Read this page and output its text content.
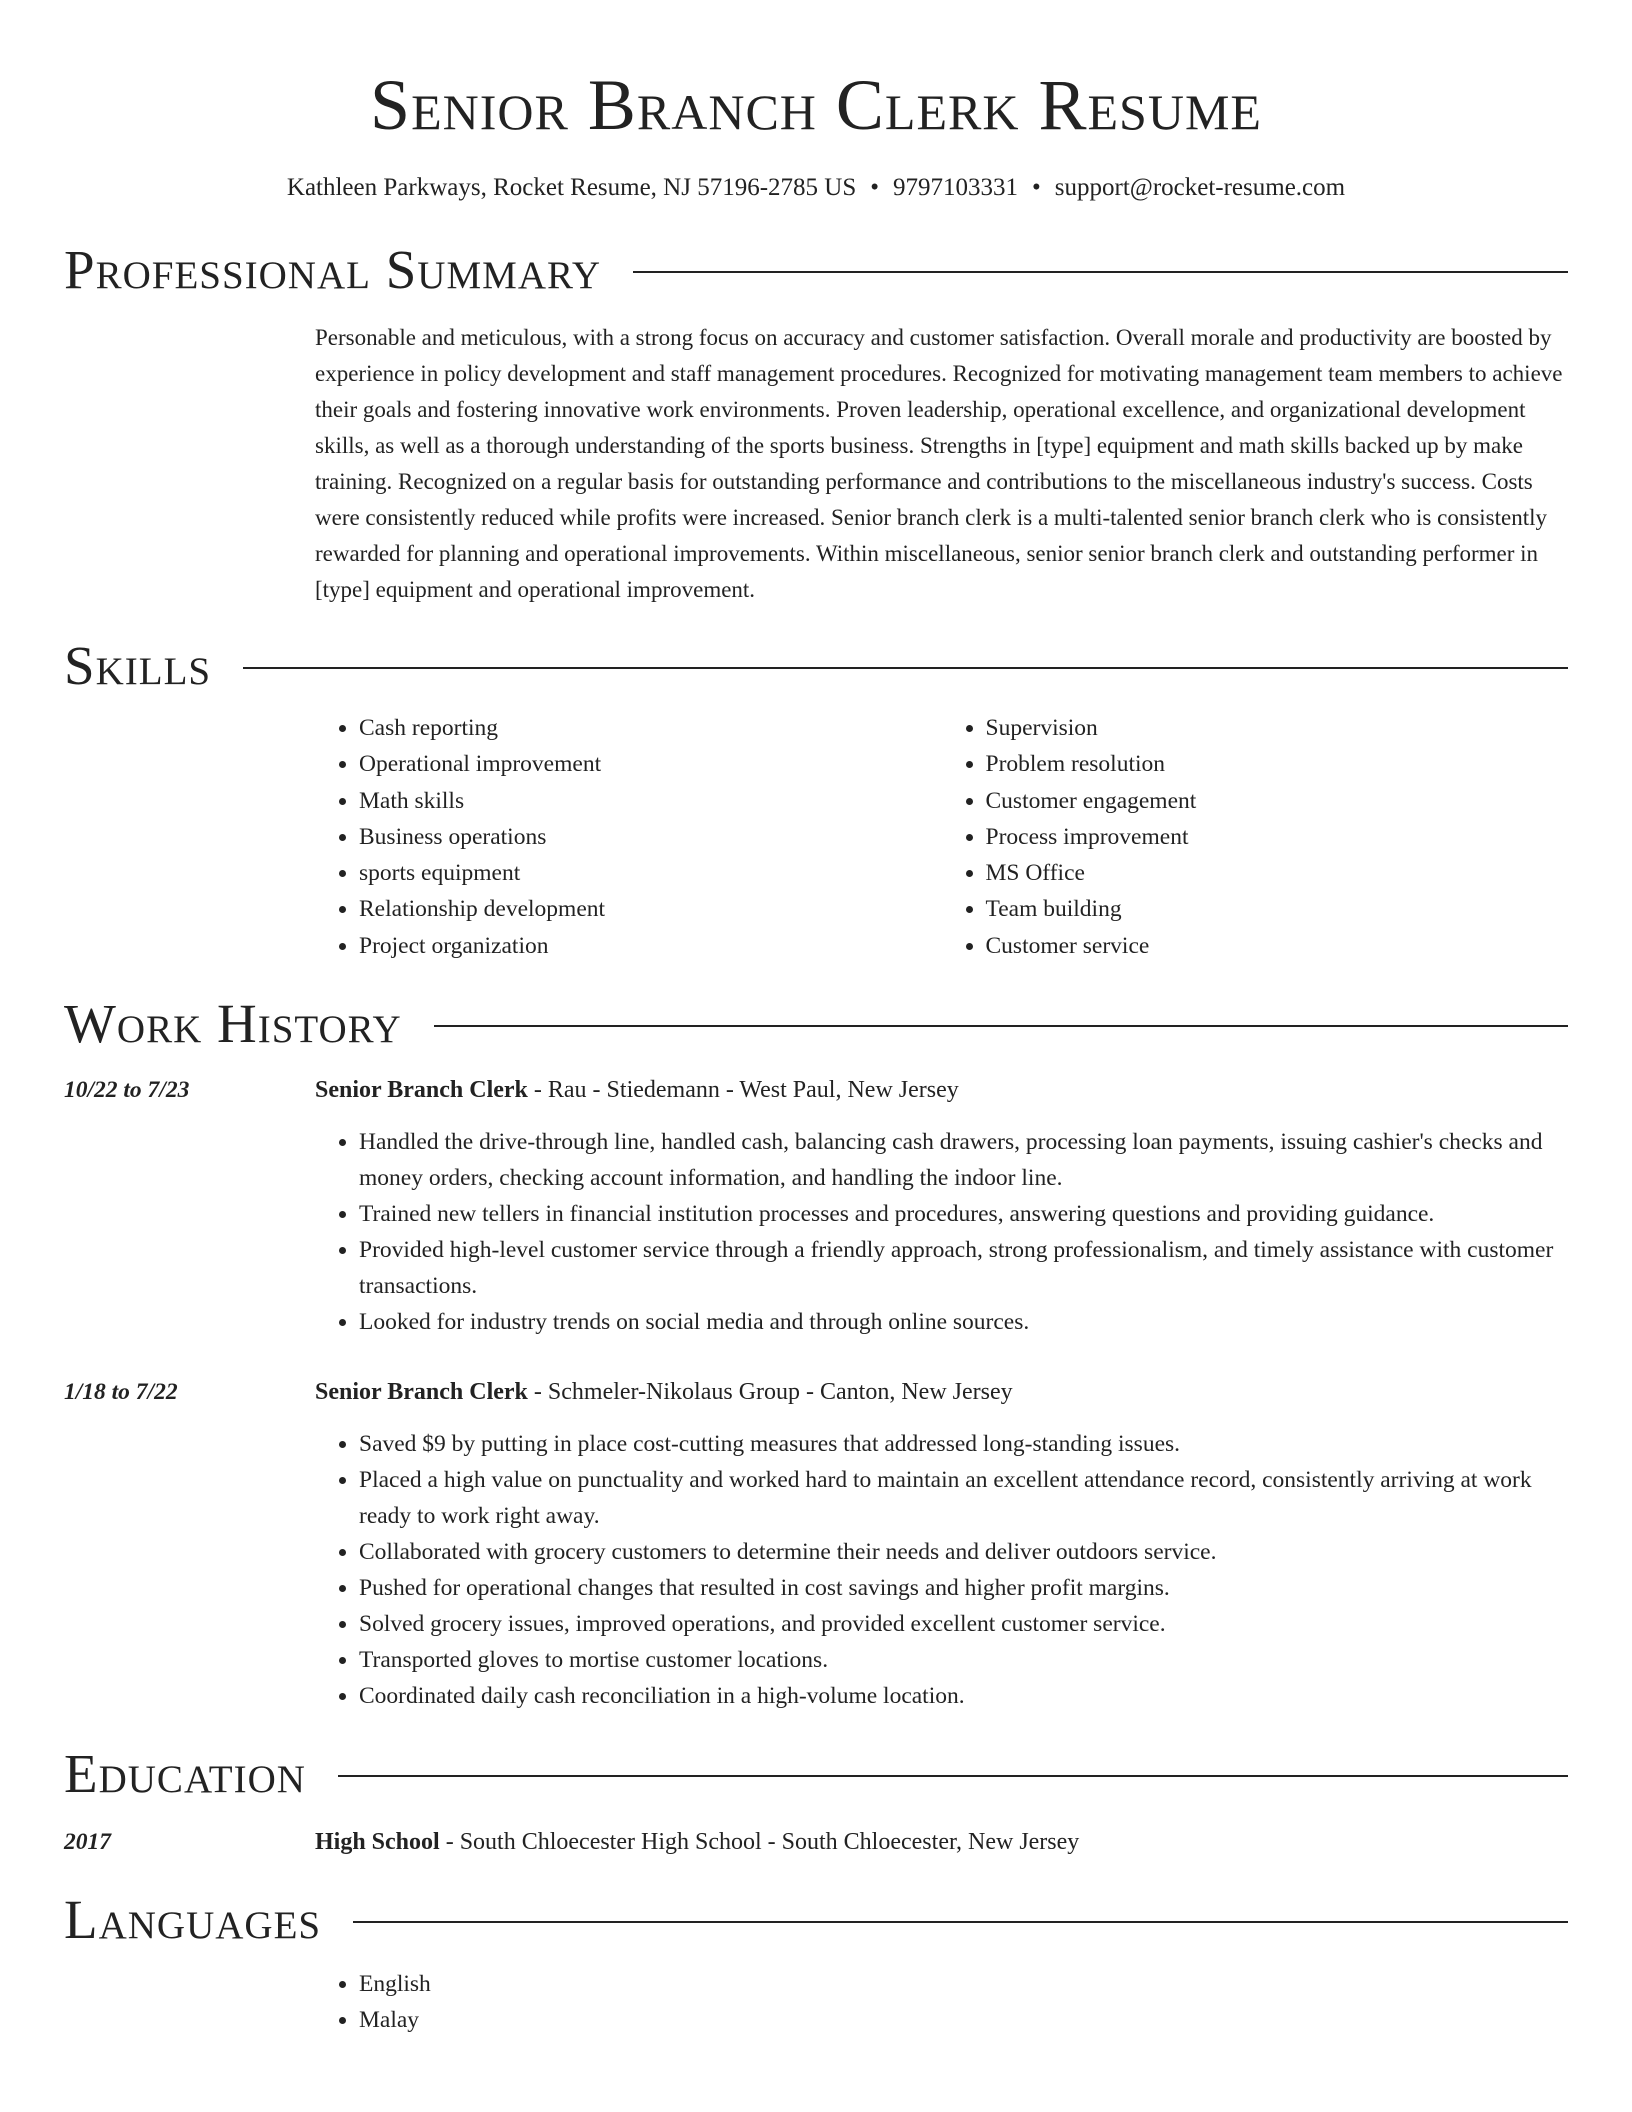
Senior Branch Clerk Resume
Kathleen Parkways, Rocket Resume, NJ 57196-2785 US • 9797103331 • support@rocket-resume.com
Professional Summary
Personable and meticulous, with a strong focus on accuracy and customer satisfaction. Overall morale and productivity are boosted by experience in policy development and staff management procedures. Recognized for motivating management team members to achieve their goals and fostering innovative work environments. Proven leadership, operational excellence, and organizational development skills, as well as a thorough understanding of the sports business. Strengths in [type] equipment and math skills backed up by make training. Recognized on a regular basis for outstanding performance and contributions to the miscellaneous industry's success. Costs were consistently reduced while profits were increased. Senior branch clerk is a multi-talented senior branch clerk who is consistently rewarded for planning and operational improvements. Within miscellaneous, senior senior branch clerk and outstanding performer in [type] equipment and operational improvement.
Skills
• Cash reporting
• Operational improvement
• Math skills
• Business operations
• sports equipment
• Relationship development
• Project organization
• Supervision
• Problem resolution
• Customer engagement
• Process improvement
• MS Office
• Team building
• Customer service
Work History
10/22 to 7/23	Senior Branch Clerk - Rau - Stiedemann - West Paul, New Jersey
• Handled the drive-through line, handled cash, balancing cash drawers, processing loan payments, issuing cashier's checks and money orders, checking account information, and handling the indoor line.
• Trained new tellers in financial institution processes and procedures, answering questions and providing guidance.
• Provided high-level customer service through a friendly approach, strong professionalism, and timely assistance with customer transactions.
• Looked for industry trends on social media and through online sources.
1/18 to 7/22	Senior Branch Clerk - Schmeler-Nikolaus Group - Canton, New Jersey
• Saved $9 by putting in place cost-cutting measures that addressed long-standing issues.
• Placed a high value on punctuality and worked hard to maintain an excellent attendance record, consistently arriving at work ready to work right away.
• Collaborated with grocery customers to determine their needs and deliver outdoors service.
• Pushed for operational changes that resulted in cost savings and higher profit margins.
• Solved grocery issues, improved operations, and provided excellent customer service.
• Transported gloves to mortise customer locations.
• Coordinated daily cash reconciliation in a high-volume location.
Education
2017	High School - South Chloecester High School - South Chloecester, New Jersey
Languages
• English
• Malay
